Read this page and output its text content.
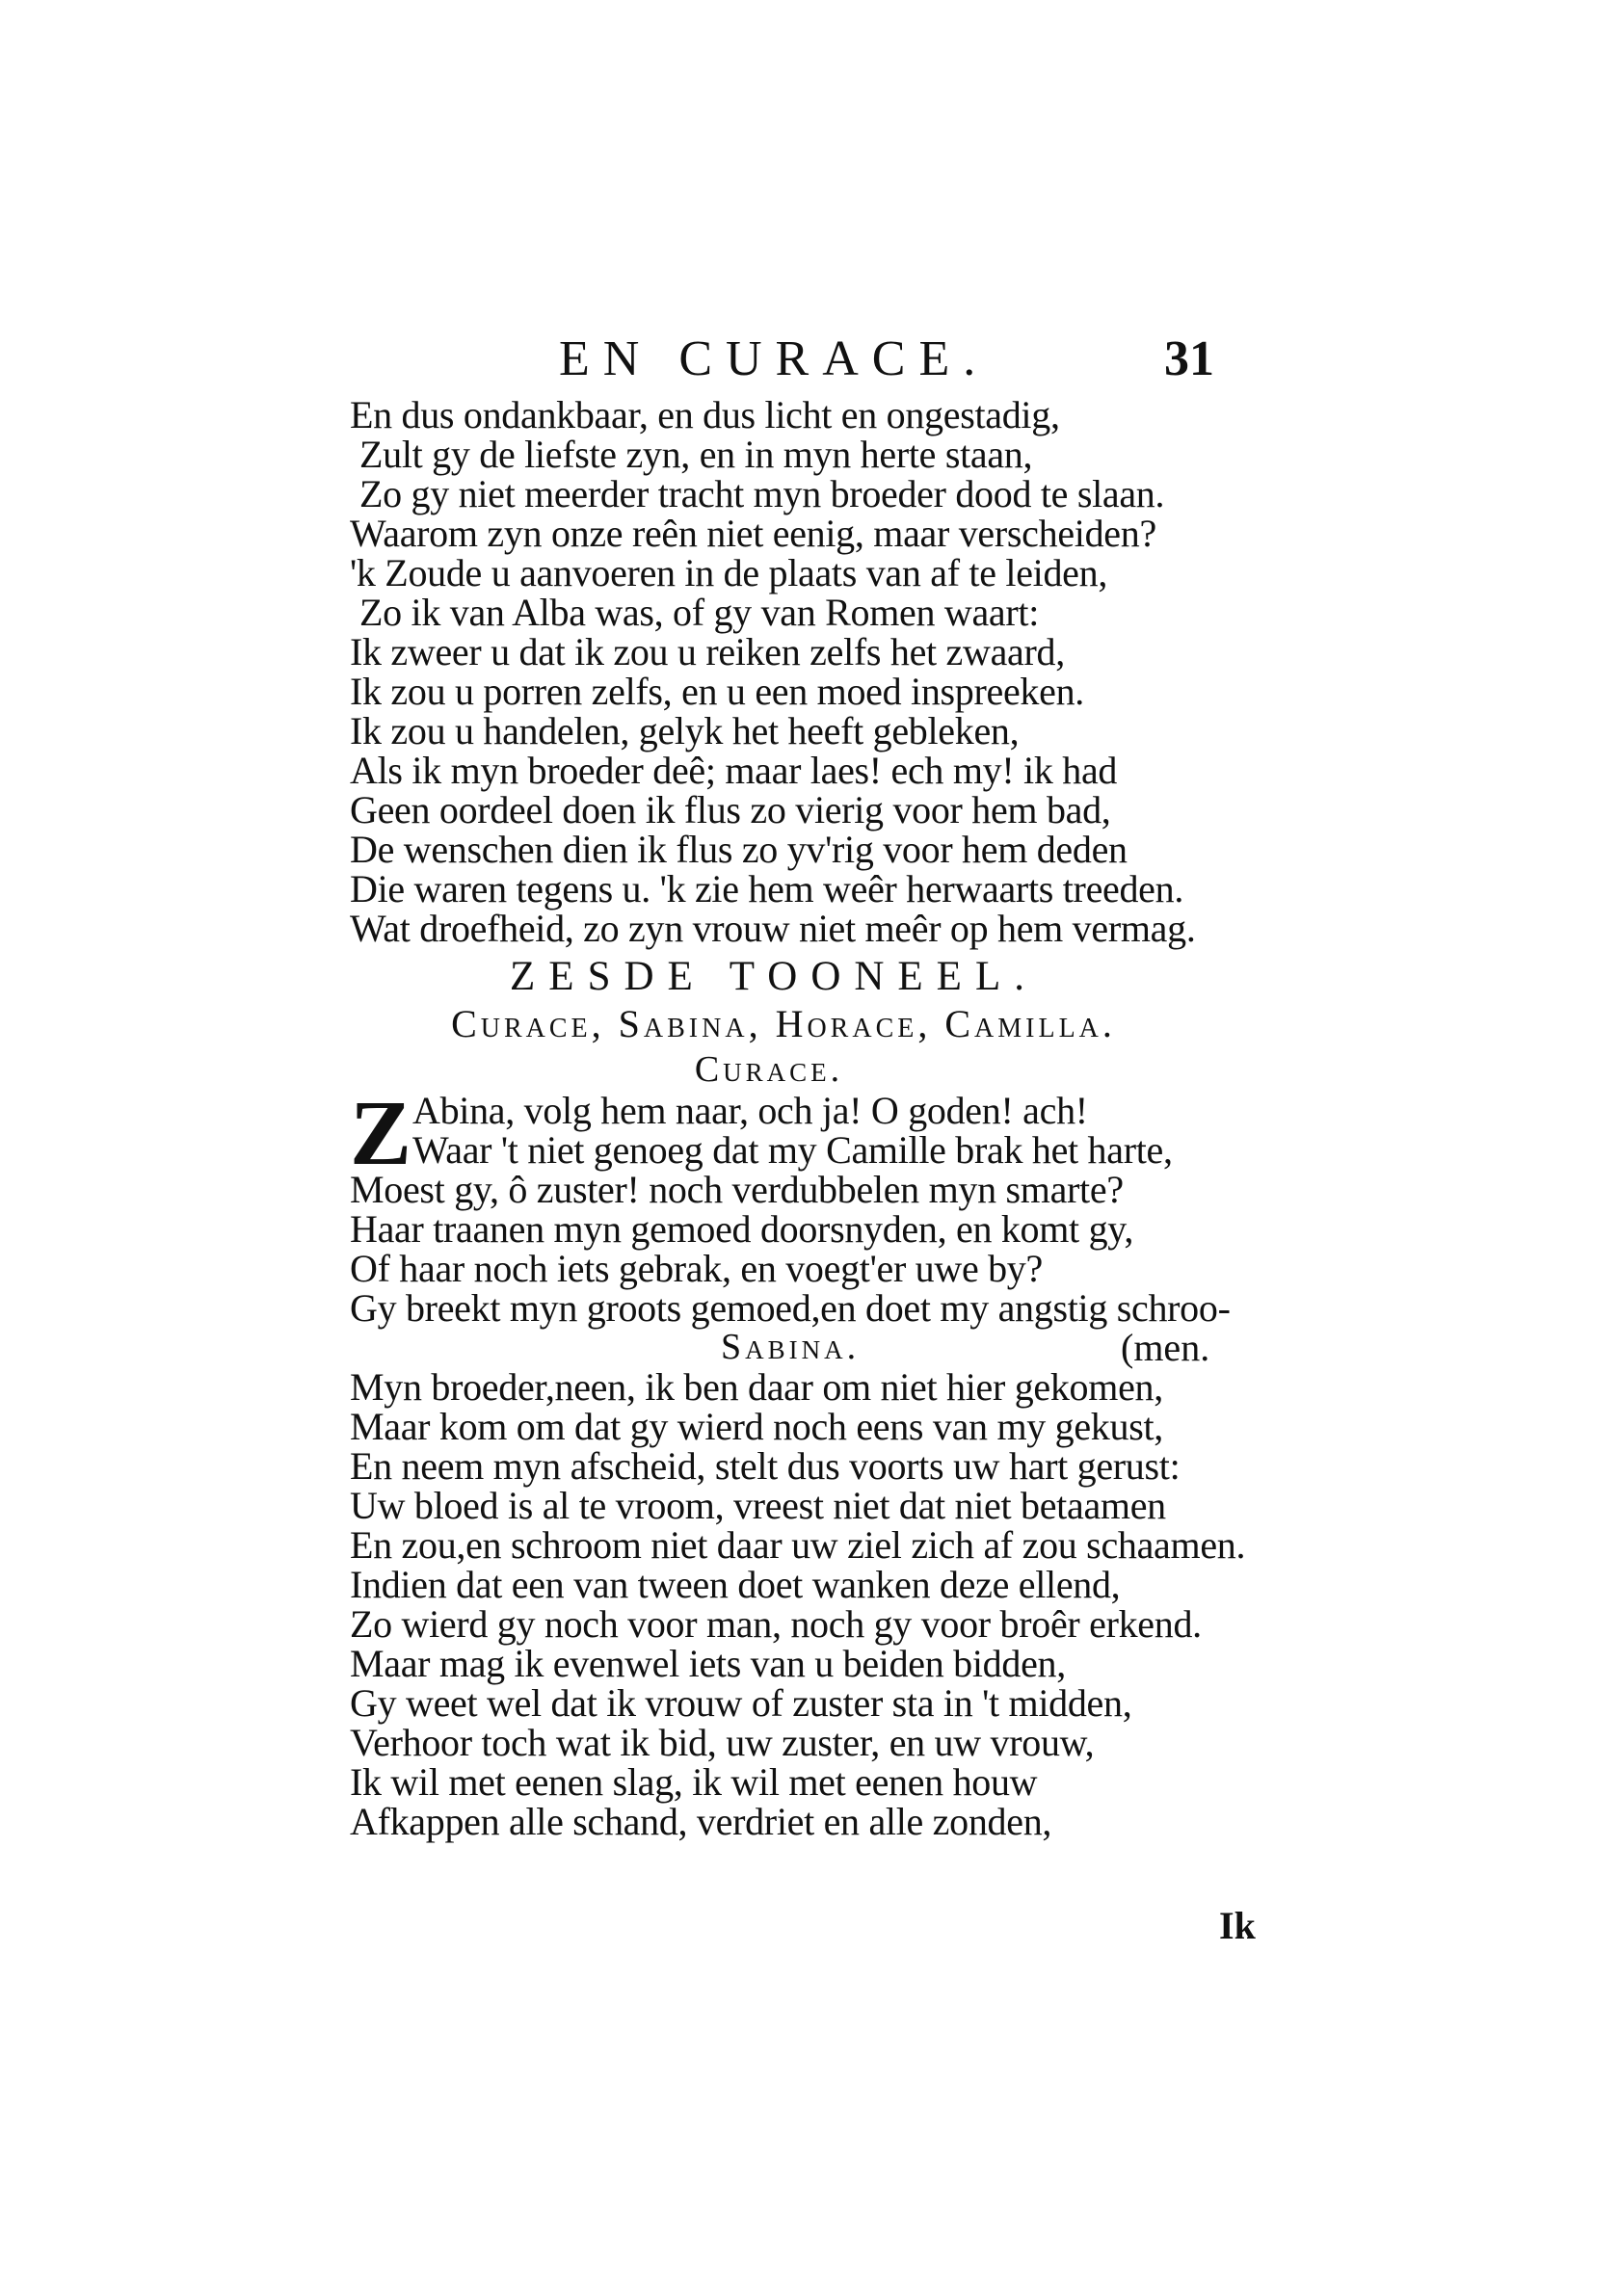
EN CURACE.	31
En dus ondankbaar, en dus licht en ongestadig,
Zult gy de liefste zyn, en in myn herte staan,
Zo gy niet meerder tracht myn broeder dood te slaan.
Waarom zyn onze reên niet eenig, maar verscheiden?
'k Zoude u aanvoeren in de plaats van af te leiden,
Zo ik van Alba was, of gy van Romen waart:
Ik zweer u dat ik zou u reiken zelfs het zwaard,
Ik zou u porren zelfs, en u een moed inspreeken.
Ik zou u handelen, gelyk het heeft gebleken,
Als ik myn broeder deê; maar laes! ech my! ik had
Geen oordeel doen ik flus zo vierig voor hem bad,
De wenschen dien ik flus zo yv'rig voor hem deden
Die waren tegens u. 'k zie hem weêr herwaarts treeden.
Wat droefheid, zo zyn vrouw niet meêr op hem vermag.
ZESDE TOONEEL.
Curace, Sabina, Horace, Camilla.
Curace.
Z Abina, volg hem naar, och ja! O goden! ach!
Waar 't niet genoeg dat my Camille brak het harte,
Moest gy, ô zuster! noch verdubbelen myn smarte?
Haar traanen myn gemoed doorsnyden, en komt gy,
Of haar noch iets gebrak, en voegt'er uwe by?
Gy breekt myn groots gemoed,en doet my angstig schroo-
Sabina.	(men.
Myn broeder,neen, ik ben daar om niet hier gekomen,
Maar kom om dat gy wierd noch eens van my gekust,
En neem myn afscheid, stelt dus voorts uw hart gerust:
Uw bloed is al te vroom, vreest niet dat niet betaamen
En zou,en schroom niet daar uw ziel zich af zou schaamen.
Indien dat een van tween doet wanken deze ellend,
Zo wierd gy noch voor man, noch gy voor broêr erkend.
Maar mag ik evenwel iets van u beiden bidden,
Gy weet wel dat ik vrouw of zuster sta in 't midden,
Verhoor toch wat ik bid, uw zuster, en uw vrouw,
Ik wil met eenen slag, ik wil met eenen houw
Afkappen alle schand, verdriet en alle zonden,
Ik
